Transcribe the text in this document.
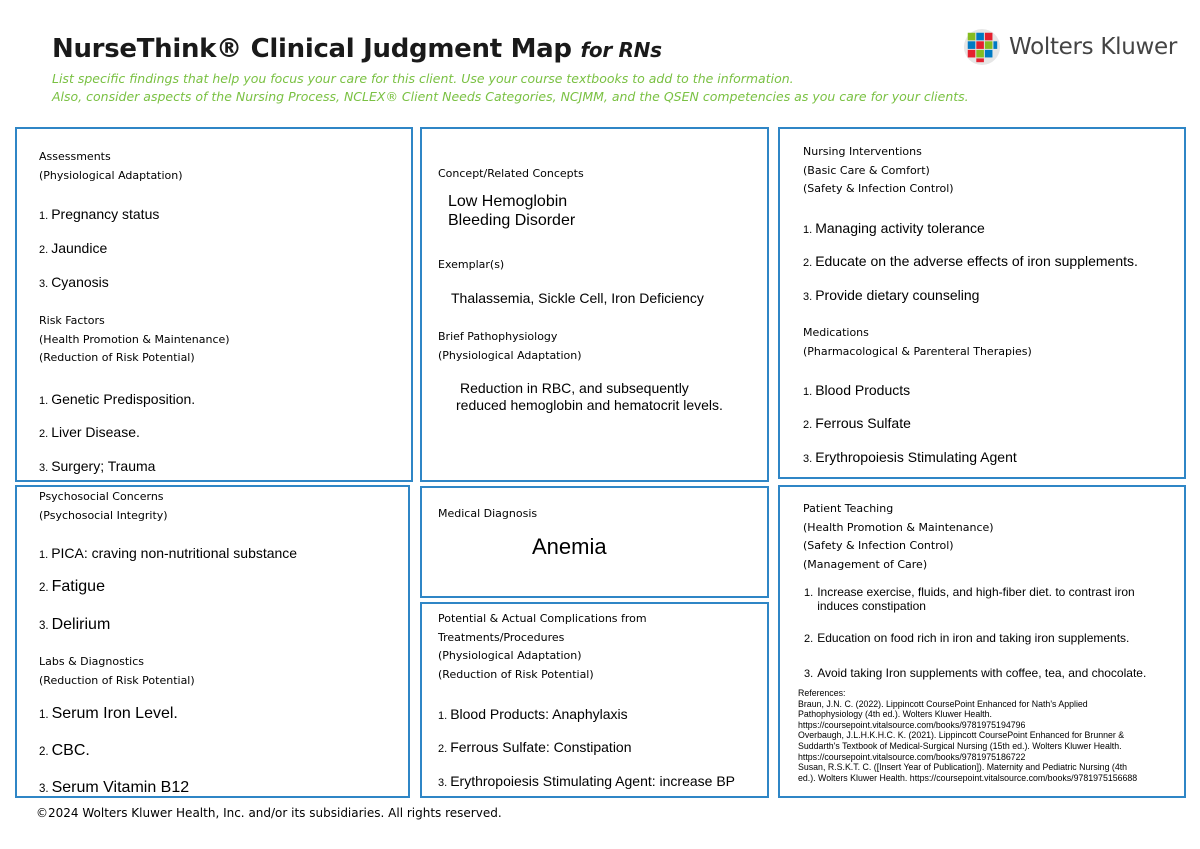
NurseThink® Clinical Judgment Map for RNs
List specific findings that help you focus your care for this client. Use your course textbooks to add to the information.
Also, consider aspects of the Nursing Process, NCLEX® Client Needs Categories, NCJMM, and the QSEN competencies as you care for your clients.
Wolters Kluwer
Assessments
(Physiological Adaptation)
1. Pregnancy status
2. Jaundice
3. Cyanosis
Risk Factors
(Health Promotion & Maintenance)
(Reduction of Risk Potential)
1. Genetic Predisposition.
2. Liver Disease.
3. Surgery; Trauma
Concept/Related Concepts
Low Hemoglobin
Bleeding Disorder
Exemplar(s)
Thalassemia, Sickle Cell, Iron Deficiency
Brief Pathophysiology
(Physiological Adaptation)
Reduction in RBC, and subsequently
reduced hemoglobin and hematocrit levels.
Nursing Interventions
(Basic Care & Comfort)
(Safety & Infection Control)
1. Managing activity tolerance
2. Educate on the adverse effects of iron supplements.
3. Provide dietary counseling
Medications
(Pharmacological & Parenteral Therapies)
1. Blood Products
2. Ferrous Sulfate
3. Erythropoiesis Stimulating Agent
Psychosocial Concerns
(Psychosocial Integrity)
1. PICA: craving non-nutritional substance
2. Fatigue
3. Delirium
Labs & Diagnostics
(Reduction of Risk Potential)
1. Serum Iron Level.
2. CBC.
3. Serum Vitamin B12
Medical Diagnosis
Anemia
Potential & Actual Complications from
Treatments/Procedures
(Physiological Adaptation)
(Reduction of Risk Potential)
1. Blood Products: Anaphylaxis
2. Ferrous Sulfate: Constipation
3. Erythropoiesis Stimulating Agent: increase BP
Patient Teaching
(Health Promotion & Maintenance)
(Safety & Infection Control)
(Management of Care)
1. Increase exercise, fluids, and high-fiber diet. to contrast iron induces constipation
2. Education on food rich in iron and taking iron supplements.
3. Avoid taking Iron supplements with coffee, tea, and chocolate.
References:
Braun, J.N. C. (2022). Lippincott CoursePoint Enhanced for Nath's Applied
Pathophysiology (4th ed.). Wolters Kluwer Health.
https://coursepoint.vitalsource.com/books/9781975194796
Overbaugh, J.L.H.K.H.C. K. (2021). Lippincott CoursePoint Enhanced for Brunner &
Suddarth's Textbook of Medical-Surgical Nursing (15th ed.). Wolters Kluwer Health.
https://coursepoint.vitalsource.com/books/9781975186722
Susan, R.S.K.T. C. ([Insert Year of Publication]). Maternity and Pediatric Nursing (4th
ed.). Wolters Kluwer Health. https://coursepoint.vitalsource.com/books/9781975156688
©2024 Wolters Kluwer Health, Inc. and/or its subsidiaries. All rights reserved.
